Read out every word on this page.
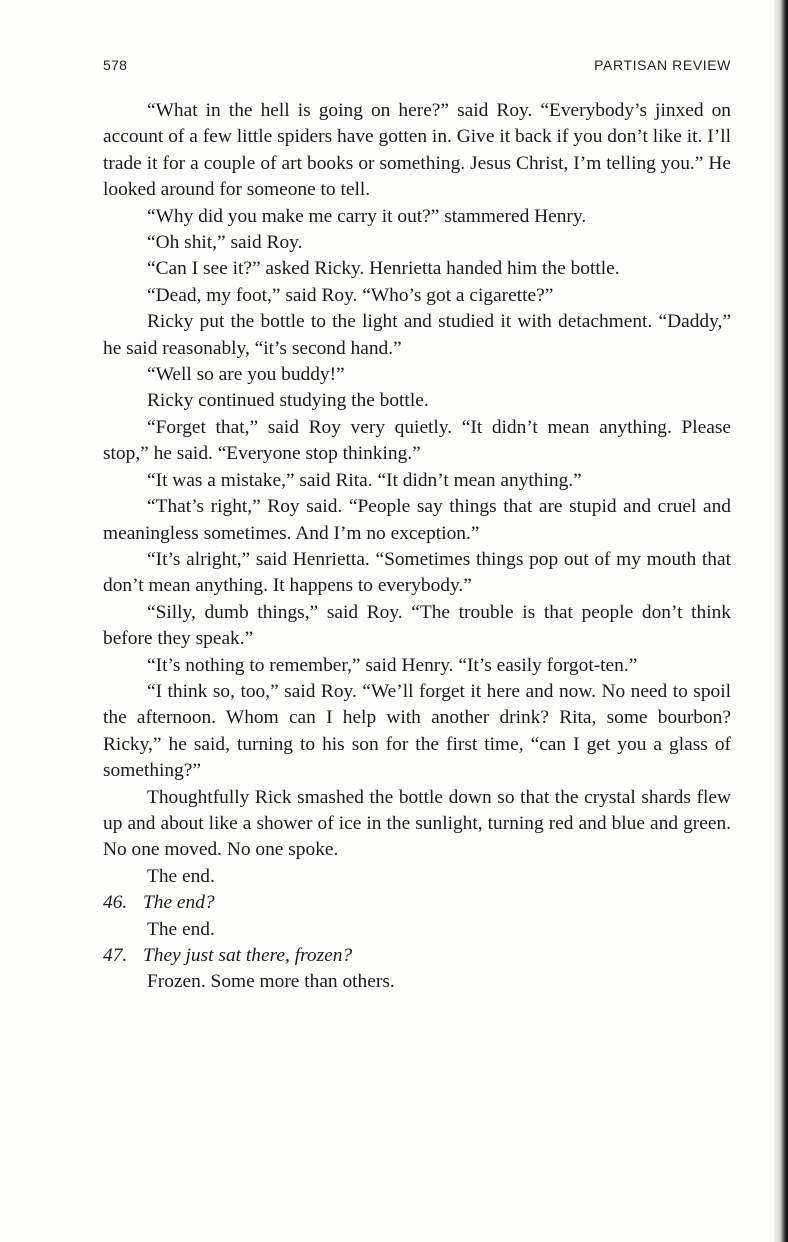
578	PARTISAN REVIEW

“What in the hell is going on here?” said Roy. “Everybody’s jinxed on account of a few little spiders have gotten in. Give it back if you don’t like it. I’ll trade it for a couple of art books or something. Jesus Christ, I’m telling you.” He looked around for someone to tell.

“Why did you make me carry it out?” stammered Henry.

“Oh shit,” said Roy.

“Can I see it?” asked Ricky. Henrietta handed him the bottle.

“Dead, my foot,” said Roy. “Who’s got a cigarette?”

Ricky put the bottle to the light and studied it with detachment. “Daddy,” he said reasonably, “it’s second hand.”

“Well so are you buddy!”

Ricky continued studying the bottle.

“Forget that,” said Roy very quietly. “It didn’t mean anything. Please stop,” he said. “Everyone stop thinking.”

“It was a mistake,” said Rita. “It didn’t mean anything.”

“That’s right,” Roy said. “People say things that are stupid and cruel and meaningless sometimes. And I’m no exception.”

“It’s alright,” said Henrietta. “Sometimes things pop out of my mouth that don’t mean anything. It happens to everybody.”

“Silly, dumb things,” said Roy. “The trouble is that people don’t think before they speak.”

“It’s nothing to remember,” said Henry. “It’s easily forgot-ten.”

“I think so, too,” said Roy. “We’ll forget it here and now. No need to spoil the afternoon. Whom can I help with another drink? Rita, some bourbon? Ricky,” he said, turning to his son for the first time, “can I get you a glass of something?”

Thoughtfully Rick smashed the bottle down so that the crystal shards flew up and about like a shower of ice in the sunlight, turning red and blue and green. No one moved. No one spoke.

The end.

46. The end?

The end.

47. They just sat there, frozen?

Frozen. Some more than others.
